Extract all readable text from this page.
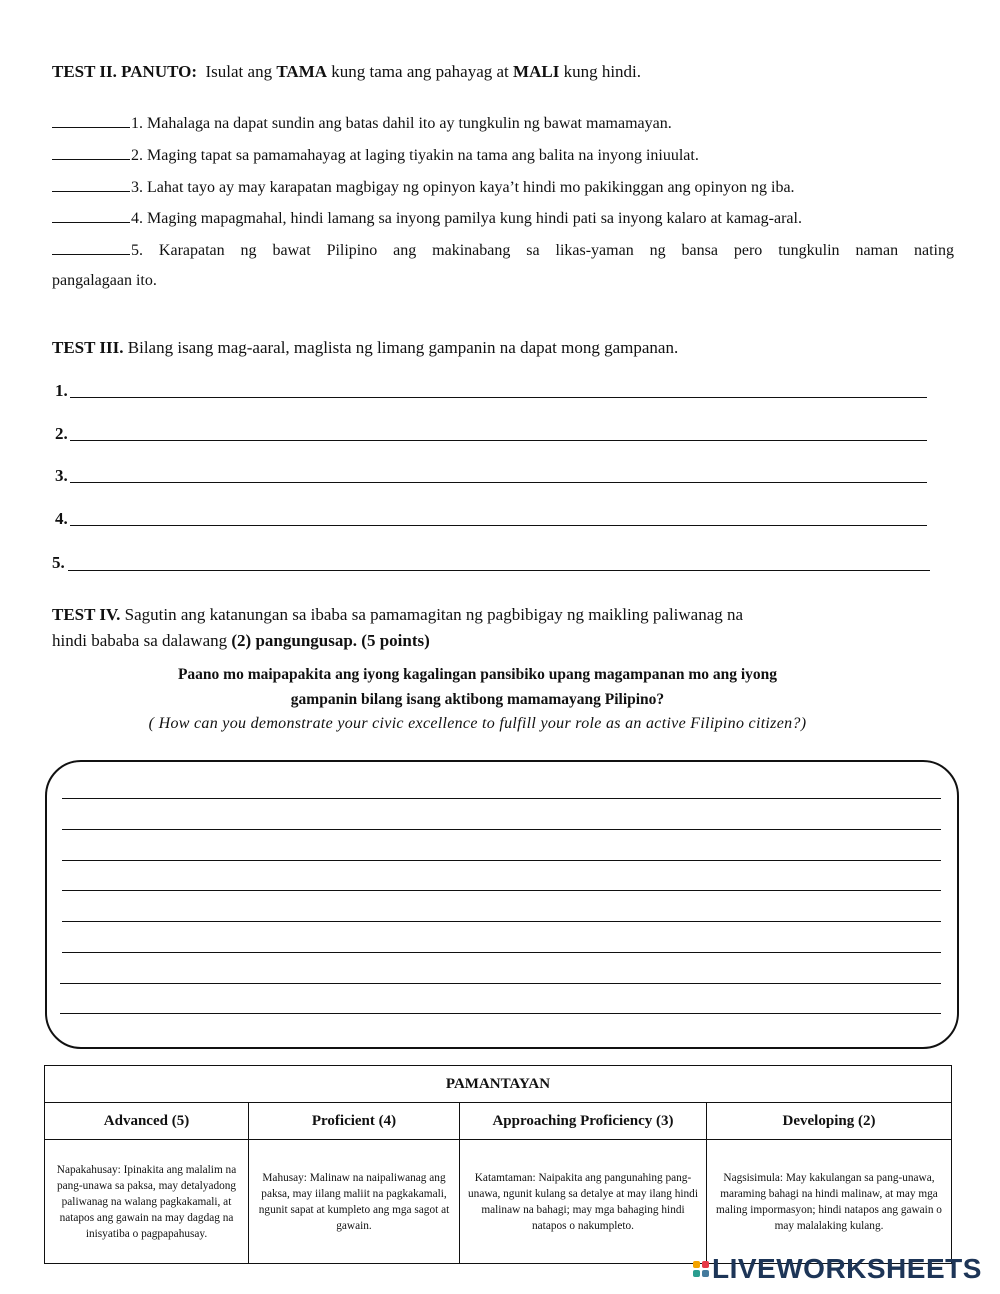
TEST II. PANUTO: Isulat ang TAMA kung tama ang pahayag at MALI kung hindi.
1. Mahalaga na dapat sundin ang batas dahil ito ay tungkulin ng bawat mamamayan.
2. Maging tapat sa pamamahayag at laging tiyakin na tama ang balita na inyong iniuulat.
3. Lahat tayo ay may karapatan magbigay ng opinyon kaya’t hindi mo pakikinggan ang opinyon ng iba.
4. Maging mapagmahal, hindi lamang sa inyong pamilya kung hindi pati sa inyong kalaro at kamag-aral.
5. Karapatan ng bawat Pilipino ang makinabang sa likas-yaman ng bansa pero tungkulin naman nating
pangalagaan ito.
TEST III. Bilang isang mag-aaral, maglista ng limang gampanin na dapat mong gampanan.
1.
2.
3.
4.
5.
TEST IV. Sagutin ang katanungan sa ibaba sa pamamagitan ng pagbibigay ng maikling paliwanag na
hindi bababa sa dalawang (2) pangungusap. (5 points)
Paano mo maipapakita ang iyong kagalingan pansibiko upang magampanan mo ang iyong
gampanin bilang isang aktibong mamamayang Pilipino?
( How can you demonstrate your civic excellence to fulfill your role as an active Filipino citizen?)
PAMANTAYAN			
Advanced (5)	Proficient (4)	Approaching Proficiency (3)	Developing (2)
Napakahusay: Ipinakita ang malalim na pang-unawa sa paksa, may detalyadong paliwanag na walang pagkakamali, at natapos ang gawain na may dagdag na inisyatiba o pagpapahusay.	Mahusay: Malinaw na naipaliwanag ang paksa, may iilang maliit na pagkakamali, ngunit sapat at kumpleto ang mga sagot at gawain.	Katamtaman: Naipakita ang pangunahing pang-unawa, ngunit kulang sa detalye at may ilang hindi malinaw na bahagi; may mga bahaging hindi natapos o nakumpleto.	Nagsisimula: May kakulangan sa pang-unawa, maraming bahagi na hindi malinaw, at may mga maling impormasyon; hindi natapos ang gawain o may malalaking kulang.
LIVEWORKSHEETS
